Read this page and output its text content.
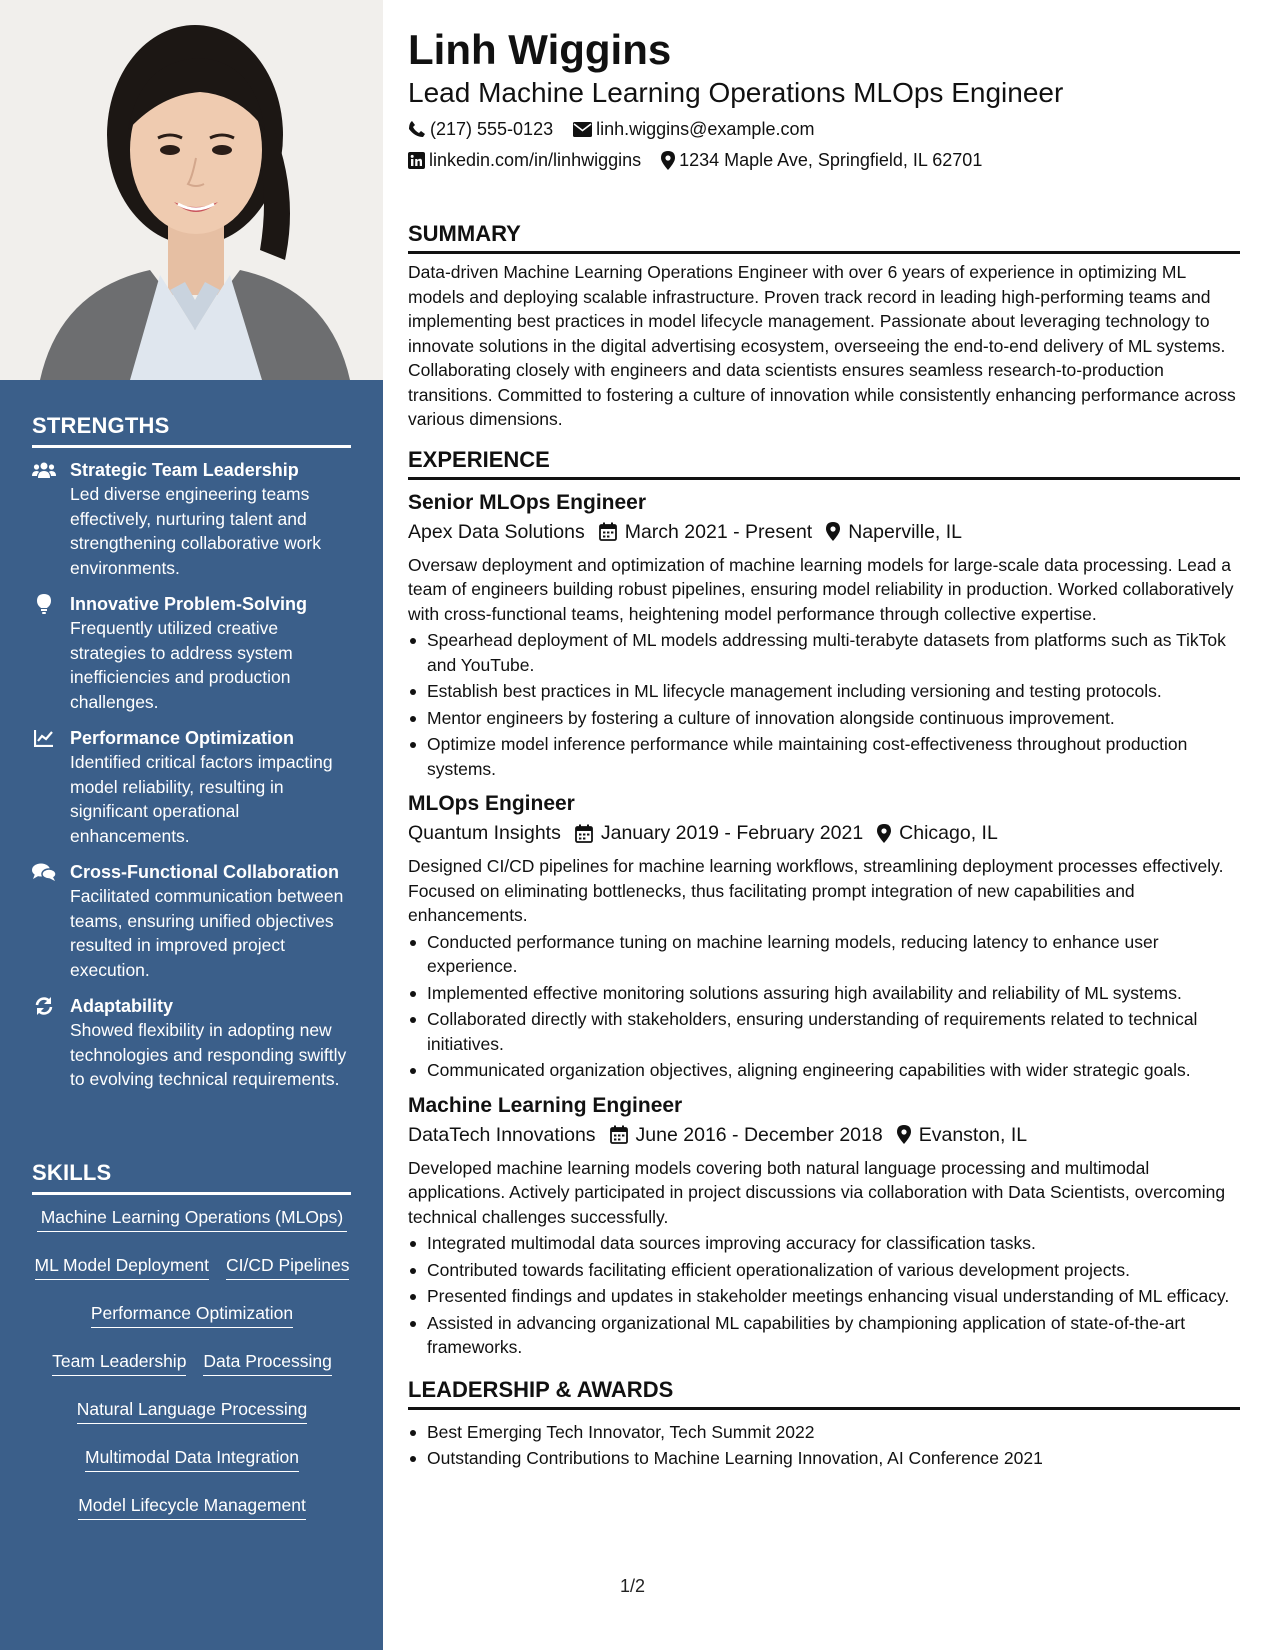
STRENGTHS
Strategic Team Leadership
Led diverse engineering teams effectively, nurturing talent and strengthening collaborative work environments.
Innovative Problem-Solving
Frequently utilized creative strategies to address system inefficiencies and production challenges.
Performance Optimization
Identified critical factors impacting model reliability, resulting in significant operational enhancements.
Cross-Functional Collaboration
Facilitated communication between teams, ensuring unified objectives resulted in improved project execution.
Adaptability
Showed flexibility in adopting new technologies and responding swiftly to evolving technical requirements.
SKILLS
Machine Learning Operations (MLOps)
ML Model Deployment CI/CD Pipelines
Performance Optimization
Team Leadership Data Processing
Natural Language Processing
Multimodal Data Integration
Model Lifecycle Management
Linh Wiggins
Lead Machine Learning Operations MLOps Engineer
(217) 555-0123 linh.wiggins@example.com
linkedin.com/in/linhwiggins 1234 Maple Ave, Springfield, IL 62701
SUMMARY
Data-driven Machine Learning Operations Engineer with over 6 years of experience in optimizing ML models and deploying scalable infrastructure. Proven track record in leading high-performing teams and implementing best practices in model lifecycle management. Passionate about leveraging technology to innovate solutions in the digital advertising ecosystem, overseeing the end-to-end delivery of ML systems. Collaborating closely with engineers and data scientists ensures seamless research-to-production transitions. Committed to fostering a culture of innovation while consistently enhancing performance across various dimensions.
EXPERIENCE
Senior MLOps Engineer
Apex Data Solutions March 2021 - Present Naperville, IL
Oversaw deployment and optimization of machine learning models for large-scale data processing. Lead a team of engineers building robust pipelines, ensuring model reliability in production. Worked collaboratively with cross-functional teams, heightening model performance through collective expertise.
Spearhead deployment of ML models addressing multi-terabyte datasets from platforms such as TikTok and YouTube.
Establish best practices in ML lifecycle management including versioning and testing protocols.
Mentor engineers by fostering a culture of innovation alongside continuous improvement.
Optimize model inference performance while maintaining cost-effectiveness throughout production systems.
MLOps Engineer
Quantum Insights January 2019 - February 2021 Chicago, IL
Designed CI/CD pipelines for machine learning workflows, streamlining deployment processes effectively. Focused on eliminating bottlenecks, thus facilitating prompt integration of new capabilities and enhancements.
Conducted performance tuning on machine learning models, reducing latency to enhance user experience.
Implemented effective monitoring solutions assuring high availability and reliability of ML systems.
Collaborated directly with stakeholders, ensuring understanding of requirements related to technical initiatives.
Communicated organization objectives, aligning engineering capabilities with wider strategic goals.
Machine Learning Engineer
DataTech Innovations June 2016 - December 2018 Evanston, IL
Developed machine learning models covering both natural language processing and multimodal applications. Actively participated in project discussions via collaboration with Data Scientists, overcoming technical challenges successfully.
Integrated multimodal data sources improving accuracy for classification tasks.
Contributed towards facilitating efficient operationalization of various development projects.
Presented findings and updates in stakeholder meetings enhancing visual understanding of ML efficacy.
Assisted in advancing organizational ML capabilities by championing application of state-of-the-art frameworks.
LEADERSHIP & AWARDS
Best Emerging Tech Innovator, Tech Summit 2022
Outstanding Contributions to Machine Learning Innovation, AI Conference 2021
1/2
